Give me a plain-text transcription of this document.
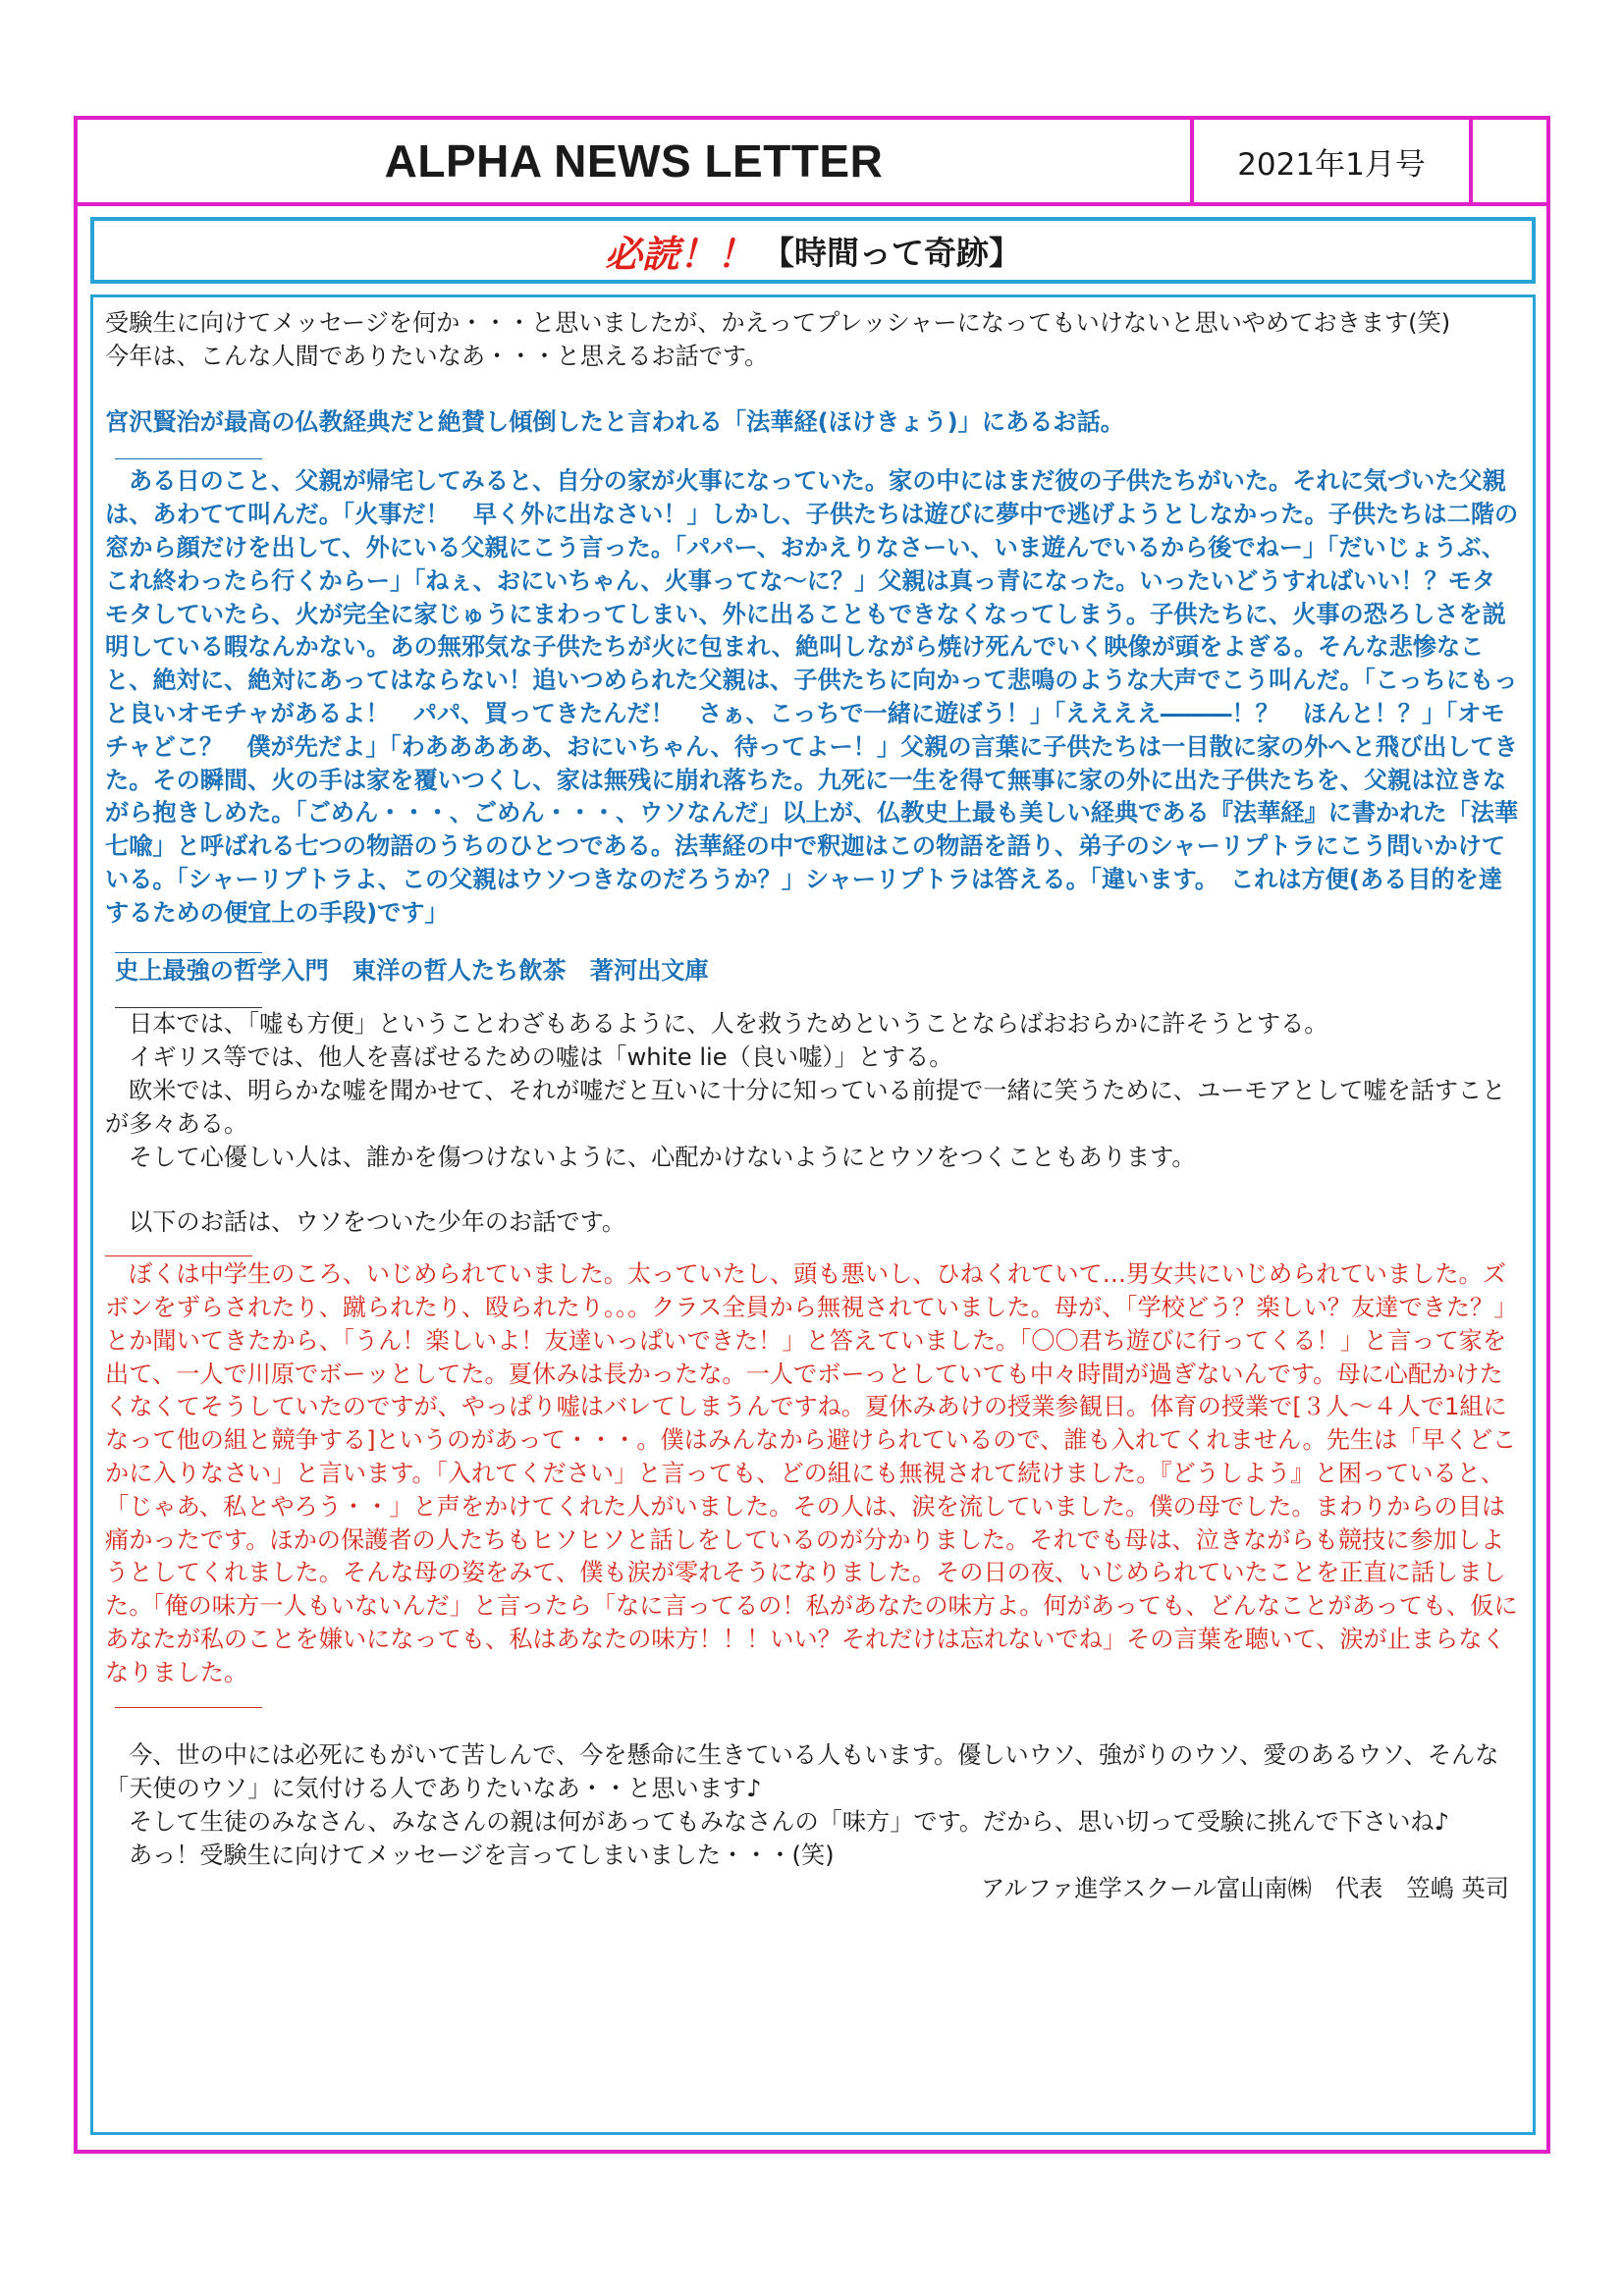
ALPHA NEWS LETTER	2021年1月号
必読！！ 【時間って奇跡】

受験生に向けてメッセージを何か・・・と思いましたが、かえってプレッシャーになってもいけないと思いやめておきます(笑)

今年は、こんな人間でありたいなあ・・・と思えるお話です。

宮沢賢治が最高の仏教経典だと絶賛し傾倒したと言われる「法華経(ほけきょう)」にあるお話。

ある日のこと、父親が帰宅してみると、自分の家が火事になっていた。家の中にはまだ彼の子供たちがいた。それに気づいた父親は、あわてて叫んだ。「火事だ！　早く外に出なさい！」しかし、子供たちは遊びに夢中で逃げようとしなかった。子供たちは二階の窓から顔だけを出して、外にいる父親にこう言った。「パパー、おかえりなさーい、いま遊んでいるから後でねー」「だいじょうぶ、これ終わったら行くからー」「ねぇ、おにいちゃん、火事ってな～に？」父親は真っ青になった。いったいどうすればいい！？モタモタしていたら、火が完全に家じゅうにまわってしまい、外に出ることもできなくなってしまう。子供たちに、火事の恐ろしさを説明している暇なんかない。あの無邪気な子供たちが火に包まれ、絶叫しながら焼け死んでいく映像が頭をよぎる。そんな悲惨なこと、絶対に、絶対にあってはならない！追いつめられた父親は、子供たちに向かって悲鳴のような大声でこう叫んだ。「こっちにもっと良いオモチャがあるよ！　パパ、買ってきたんだ！　さぁ、こっちで一緒に遊ぼう！」「ええええ―――！？　ほんと！？」「オモチャどこ？　僕が先だよ」「わあああああ、おにいちゃん、待ってよー！」父親の言葉に子供たちは一目散に家の外へと飛び出してきた。その瞬間、火の手は家を覆いつくし、家は無残に崩れ落ちた。九死に一生を得て無事に家の外に出た子供たちを、父親は泣きながら抱きしめた。「ごめん・・・、ごめん・・・、ウソなんだ」以上が、仏教史上最も美しい経典である『法華経』に書かれた「法華七喩」と呼ばれる七つの物語のうちのひとつである。法華経の中で釈迦はこの物語を語り、弟子のシャーリプトラにこう問いかけている。「シャーリプトラよ、この父親はウソつきなのだろうか？」シャーリプトラは答える。「違います。　これは方便(ある目的を達するための便宜上の手段)です」

史上最強の哲学入門　東洋の哲人たち飲茶　著河出文庫

日本では、「嘘も方便」ということわざもあるように、人を救うためということならばおおらかに許そうとする。

イギリス等では、他人を喜ばせるための嘘は「white lie（良い嘘）」とする。

欧米では、明らかな嘘を聞かせて、それが嘘だと互いに十分に知っている前提で一緒に笑うために、ユーモアとして嘘を話すことが多々ある。

そして心優しい人は、誰かを傷つけないように、心配かけないようにとウソをつくこともあります。

以下のお話は、ウソをついた少年のお話です。

ぼくは中学生のころ、いじめられていました。太っていたし、頭も悪いし、ひねくれていて…男女共にいじめられていました。ズボンをずらされたり、蹴られたり、殴られたり。。。クラス全員から無視されていました。母が、「学校どう？楽しい？友達できた？」とか聞いてきたから、「うん！楽しいよ！友達いっぱいできた！」と答えていました。「〇〇君ち遊びに行ってくる！」と言って家を出て、一人で川原でボーッとしてた。夏休みは長かったな。一人でボーっとしていても中々時間が過ぎないんです。母に心配かけたくなくてそうしていたのですが、やっぱり嘘はバレてしまうんですね。夏休みあけの授業参観日。体育の授業で[３人～４人で1組になって他の組と競争する]というのがあって・・・。僕はみんなから避けられているので、誰も入れてくれません。先生は「早くどこかに入りなさい」と言います。「入れてください」と言っても、どの組にも無視されて続けました。『どうしよう』と困っていると、「じゃあ、私とやろう・・」と声をかけてくれた人がいました。その人は、涙を流していました。僕の母でした。まわりからの目は痛かったです。ほかの保護者の人たちもヒソヒソと話しをしているのが分かりました。それでも母は、泣きながらも競技に参加しようとしてくれました。そんな母の姿をみて、僕も涙が零れそうになりました。その日の夜、いじめられていたことを正直に話しました。「俺の味方一人もいないんだ」と言ったら「なに言ってるの！私があなたの味方よ。何があっても、どんなことがあっても、仮にあなたが私のことを嫌いになっても、私はあなたの味方！！！いい？それだけは忘れないでね」その言葉を聴いて、涙が止まらなくなりました。

今、世の中には必死にもがいて苦しんで、今を懸命に生きている人もいます。優しいウソ、強がりのウソ、愛のあるウソ、そんな「天使のウソ」に気付ける人でありたいなあ・・と思います♪

そして生徒のみなさん、みなさんの親は何があってもみなさんの「味方」です。だから、思い切って受験に挑んで下さいね♪

あっ！受験生に向けてメッセージを言ってしまいました・・・(笑)

アルファ進学スクール富山南㈱　代表　笠嶋 英司
